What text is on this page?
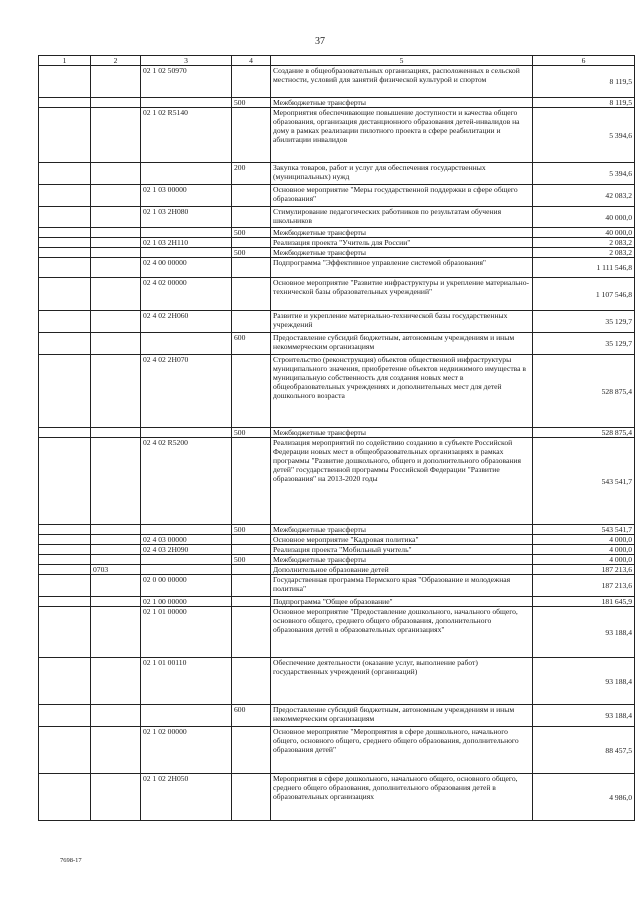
37
1	2	3	4	5	6
		02 1 02 50970		Создание в общеобразовательных организациях, расположенных в сельской местности, условий для занятий физической культурой и спортом	8 119,5
			500	Межбюджетные трансферты	8 119,5
		02 1 02 R5140		Мероприятия обеспечивающие повышение доступности и качества общего образования, организация дистанционного образования детей-инвалидов на дому в рамках реализации пилотного проекта в сфере реабилитации и абилитации инвалидов	5 394,6
			200	Закупка товаров, работ и услуг для обеспечения государственных (муниципальных) нужд	5 394,6
		02 1 03 00000		Основное мероприятие "Меры государственной поддержки в сфере общего образования"	42 083,2
		02 1 03 2Н080		Стимулирование педагогических работников по результатам обучения школьников	40 000,0
			500	Межбюджетные трансферты	40 000,0
		02 1 03 2Н110		Реализация проекта "Учитель для России"	2 083,2
			500	Межбюджетные трансферты	2 083,2
		02 4 00 00000		Подпрограмма "Эффективное управление системой образования"	1 111 546,8
		02 4 02 00000		Основное мероприятие "Развитие инфраструктуры и укрепление материально-технической базы образовательных учреждений"	1 107 546,8
		02 4 02 2Н060		Развитие и укрепление материально-технической базы государственных учреждений	35 129,7
			600	Предоставление субсидий бюджетным, автономным учреждениям и иным некоммерческим организациям	35 129,7
		02 4 02 2Н070		Строительство (реконструкция) объектов общественной инфраструктуры муниципального значения, приобретение объектов недвижимого имущества в муниципальную собственность для создания новых мест в общеобразовательных учреждениях и дополнительных мест для детей дошкольного возраста	528 875,4
			500	Межбюджетные трансферты	528 875,4
		02 4 02 R5200		Реализация мероприятий по содействию созданию в субъекте Российской Федерации новых мест в общеобразовательных организациях в рамках программы "Развитие дошкольного, общего и дополнительного образования детей" государственной программы Российской Федерации "Развитие образования" на 2013-2020 годы	543 541,7
			500	Межбюджетные трансферты	543 541,7
		02 4 03 00000		Основное мероприятие "Кадровая политика"	4 000,0
		02 4 03 2Н090		Реализация проекта "Мобильный учитель"	4 000,0
			500	Межбюджетные трансферты	4 000,0
	0703			Дополнительное образование детей	187 213,6
		02 0 00 00000		Государственная программа Пермского края "Образование и молодежная политика"	187 213,6
		02 1 00 00000		Подпрограмма "Общее образование"	181 645,9
		02 1 01 00000		Основное мероприятие "Предоставление дошкольного, начального общего, основного общего, среднего общего образования, дополнительного образования детей в образовательных организациях"	93 188,4
		02 1 01 00110		Обеспечение деятельности (оказание услуг, выполнение работ) государственных учреждений (организаций)	93 188,4
			600	Предоставление субсидий бюджетным, автономным учреждениям и иным некоммерческим организациям	93 188,4
		02 1 02 00000		Основное мероприятие "Мероприятия в сфере дошкольного, начального общего, основного общего, среднего общего образования, дополнительного образования детей"	88 457,5
		02 1 02 2Н050		Мероприятия в сфере дошкольного, начального общего, основного общего, среднего общего образования, дополнительного образования детей в образовательных организациях	4 986,0
7698-17
